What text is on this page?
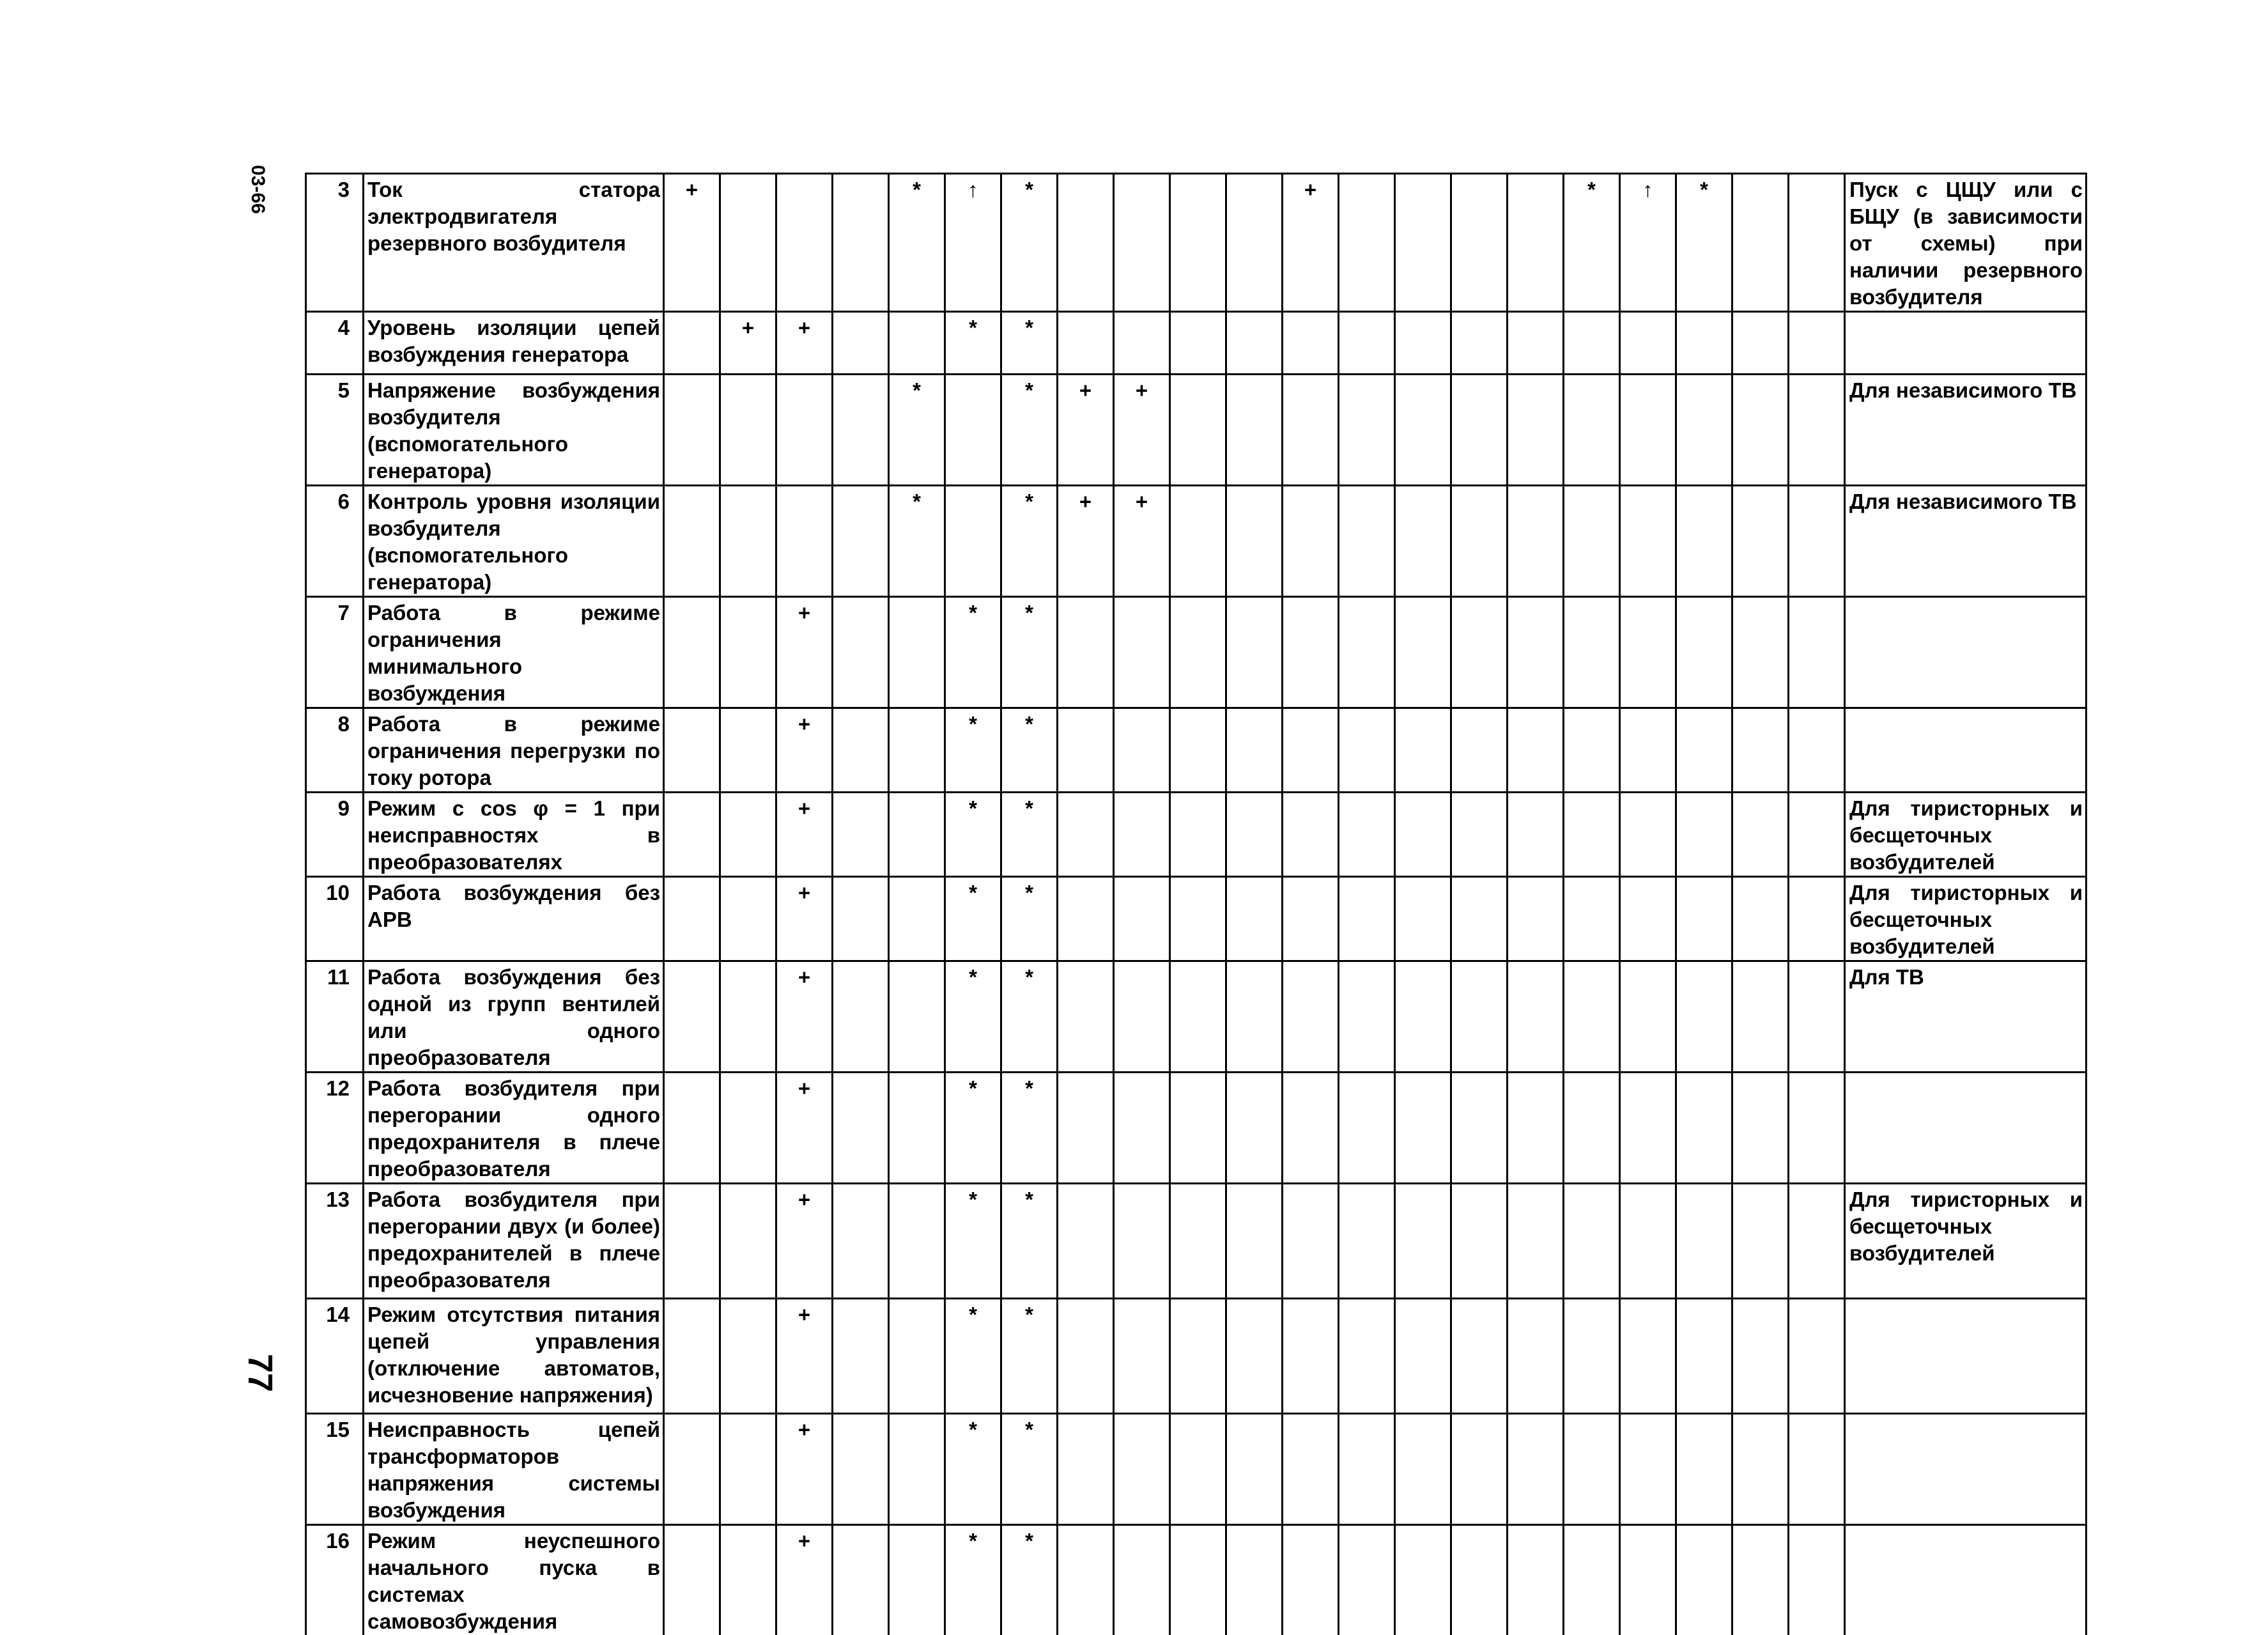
03-66
77
3	Ток статора электродвигателя резервного возбудителя	+				*	↑	*					+					*	↑	*			Пуск с ЦЩУ или с БЩУ (в зависимости от схемы) при наличии резервного возбудителя
4	Уровень изоляции цепей возбуждения генератора		+	+			*	*															
5	Напряжение возбуждения возбудителя (вспомогательного генератора)					*		*	+	+													Для независимого ТВ
6	Контроль уровня изоляции возбудителя (вспомогательного генератора)					*		*	+	+													Для независимого ТВ
7	Работа в режиме ограничения минимального возбуждения			+			*	*															
8	Работа в режиме ограничения перегрузки по току ротора			+			*	*															
9	Режим с cos φ = 1 при неисправностях в преобразователях			+			*	*															Для тиристорных и бесщеточных возбудителей
10	Работа возбуждения без АРВ			+			*	*															Для тиристорных и бесщеточных возбудителей
11	Работа возбуждения без одной из групп вентилей или одного преобразователя			+			*	*															Для ТВ
12	Работа возбудителя при перегорании одного предохранителя в плече преобразователя			+			*	*															
13	Работа возбудителя при перегорании двух (и более) предохранителей в плече преобразователя			+			*	*															Для тиристорных и бесщеточных возбудителей
14	Режим отсутствия питания цепей управления (отключение автоматов, исчезновение напряжения)			+			*	*															
15	Неисправность цепей трансформаторов напряжения системы возбуждения			+			*	*															
16	Режим неуспешного начального пуска в системах самовозбуждения			+			*	*															
